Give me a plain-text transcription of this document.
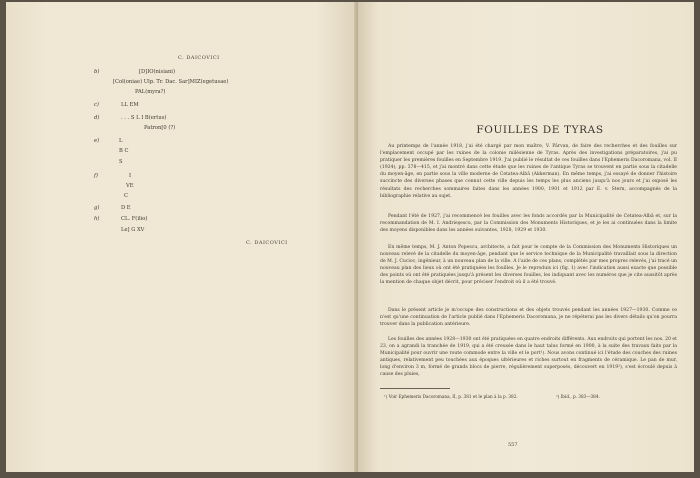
C. DAICOVICI
b)	[D]IO(nisiani)
[Col(oniae) Ulp. Tr. Dac. Sar]MIZ(egetusae)
PAL(myra?)
c)	LL EM
d)	. . . S L I B(ertus)
Patron[0 (?)
e)	L
B C
S
f)	I
VE
C
g)	D E
h)	CL. F(ilio)
Le] G XV
C. DAICOVICI
FOUILLES DE TYRAS
Au printemps de l'année 1918, j'ai été chargé par mon maître, V. Pârvan, de faire des recherches et des fouilles sur l'emplacement occupé par les ruines de la colonie milésienne de Tyras. Après des investigations préparatoires, j'ai pu pratiquer les premières fouilles en Septembre 1919. J'ai publié le résultat de ces fouilles dans l'Ephemeris Dacoromana, vol. II (1924), pp. 378—415, et j'ai montré dans cette étude que les ruines de l'antique Tyras se trouvent en partie sous la citadelle du moyen-âge, en partie sous la ville moderne de Cetatea-Albă (Akkerman). En même temps, j'ai essayé de donner l'histoire succincte des diverses phases que connut cette ville depuis les temps les plus anciens jusqu'à nos jours et j'ai exposé les résultats des recherches sommaires faites dans les années 1900, 1901 et 1912 par E. v. Stern, accompagnés de la bibliographie relative au sujet.
Pendant l'été de 1927, j'ai recommencé les fouilles avec les fonds accordés par la Municipalité de Cetatea-Albă et, sur la recommandation de M. I. Andrieşescu, par la Commission des Monuments Historiques, et je les ai continuées dans la limite des moyens disponibles dans les années suivantes, 1928, 1929 et 1930.
En même temps, M. J. Anton Popescu, architecte, a fait pour le compte de la Commission des Monuments Historiques un nouveau relevé de la citadelle du moyen-âge, pendant que le service technique de la Municipalité travaillait sous la direction de M. J. Cucioc, ingénieur, à un nouveau plan de la ville. A l'aide de ces plans, complétés par mes propres relevés, j'ai tracé un nouveau plan des lieux où ont été pratiquées les fouilles. Je le reproduis ici (fig. 1) avec l'indication aussi exacte que possible des points où ont été pratiquées jusqu'à présent les diverses fouilles, les indiquant avec les numéros que je cite aussitôt après la mention de chaque objet décrit, pour préciser l'endroit où il a été trouvé.
Dans le présent article je m'occupe des constructions et des objets trouvés pendant les années 1927—1930. Comme ce n'est qu'une continuation de l'article publié dans l'Ephemeris Dacoromana, je ne répéterai pas les divers détails qu'on pourra trouver dans la publication antérieure.
Les fouilles des années 1928—1930 ont été pratiquées en quatre endroits différents. Aux endroits qui portent les nos. 20 et 23, on a agrandi la tranchée de 1919, qui a été creusée dans le haut talus formé en 1900, à la suite des travaux faits par la Municipalité pour ouvrir une route commode entre la ville et le port¹). Nous avons continué ici l'étude des couches des ruines antiques, relativement peu touchées aux époques ultérieures et riches surtout en fragments de céramique. Le pan de mur, long d'environ 3 m, formé de grands blocs de pierre, régulièrement superposés, découvert en 1919²), s'est écroulé depuis à cause des pluies,
¹) Voir Ephemeris Dacoromana, II, p. 381 et le plan à la p. 382.	²) Ibid., p. 383—384.
557
